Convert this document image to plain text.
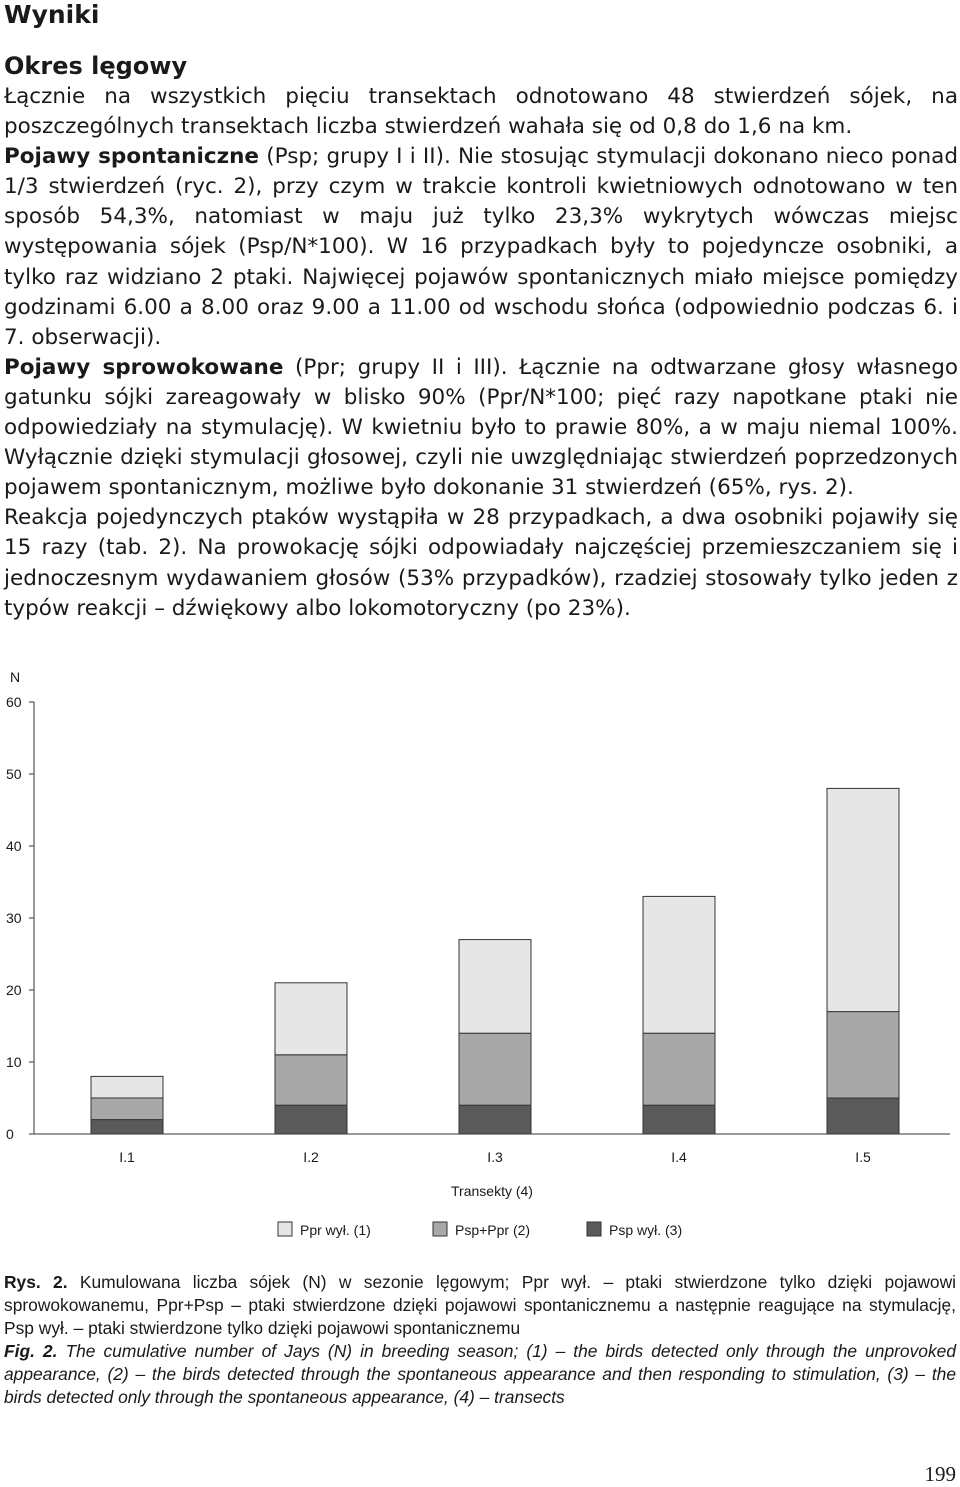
Wyniki
Okres lęgowy

Łącznie na wszystkich pięciu transektach odnotowano 48 stwierdzeń sójek, na poszczególnych transektach liczba stwierdzeń wahała się od 0,8 do 1,6 na km.

Pojawy spontaniczne (Psp; grupy I i II). Nie stosując stymulacji dokonano nieco ponad 1/3 stwierdzeń (ryc. 2), przy czym w trakcie kontroli kwietniowych odnotowano w ten sposób 54,3%, natomiast w maju już tylko 23,3% wykrytych wówczas miejsc występowania sójek (Psp/N*100). W 16 przypadkach były to pojedyncze osobniki, a tylko raz widziano 2 ptaki. Najwięcej pojawów spontanicznych miało miejsce pomiędzy godzinami 6.00 a 8.00 oraz 9.00 a 11.00 od wschodu słońca (odpowiednio podczas 6. i 7. obserwacji).

Pojawy sprowokowane (Ppr; grupy II i III). Łącznie na odtwarzane głosy własnego gatunku sójki zareagowały w blisko 90% (Ppr/N*100; pięć razy napotkane ptaki nie odpowiedziały na stymulację). W kwietniu było to prawie 80%, a w maju niemal 100%. Wyłącznie dzięki stymulacji głosowej, czyli nie uwzględniając stwierdzeń poprzedzonych pojawem spontanicznym, możliwe było dokonanie 31 stwierdzeń (65%, rys. 2).

Reakcja pojedynczych ptaków wystąpiła w 28 przypadkach, a dwa osobniki pojawiły się 15 razy (tab. 2). Na prowokację sójki odpowiadały najczęściej przemieszczaniem się i jednoczesnym wydawaniem głosów (53% przypadków), rzadziej stosowały tylko jeden z typów reakcji – dźwiękowy albo lokomotoryczny (po 23%).

N
0
10
20
30
40
50
60
I.1	I.2	I.3	I.4	I.5
Transekty (4)
Ppr wył. (1)	Psp+Ppr (2)	Psp wył. (3)

Rys. 2. Kumulowana liczba sójek (N) w sezonie lęgowym; Ppr wył. – ptaki stwierdzone tylko dzięki pojawowi sprowokowanemu, Ppr+Psp – ptaki stwierdzone dzięki pojawowi spontanicznemu a następnie reagujące na stymulację, Psp wył. – ptaki stwierdzone tylko dzięki pojawowi spontanicznemu

Fig. 2. The cumulative number of Jays (N) in breeding season; (1) – the birds detected only through the unprovoked appearance, (2) – the birds detected through the spontaneous appearance and then responding to stimulation, (3) – the birds detected only through the spontaneous appearance, (4) – transects

199
